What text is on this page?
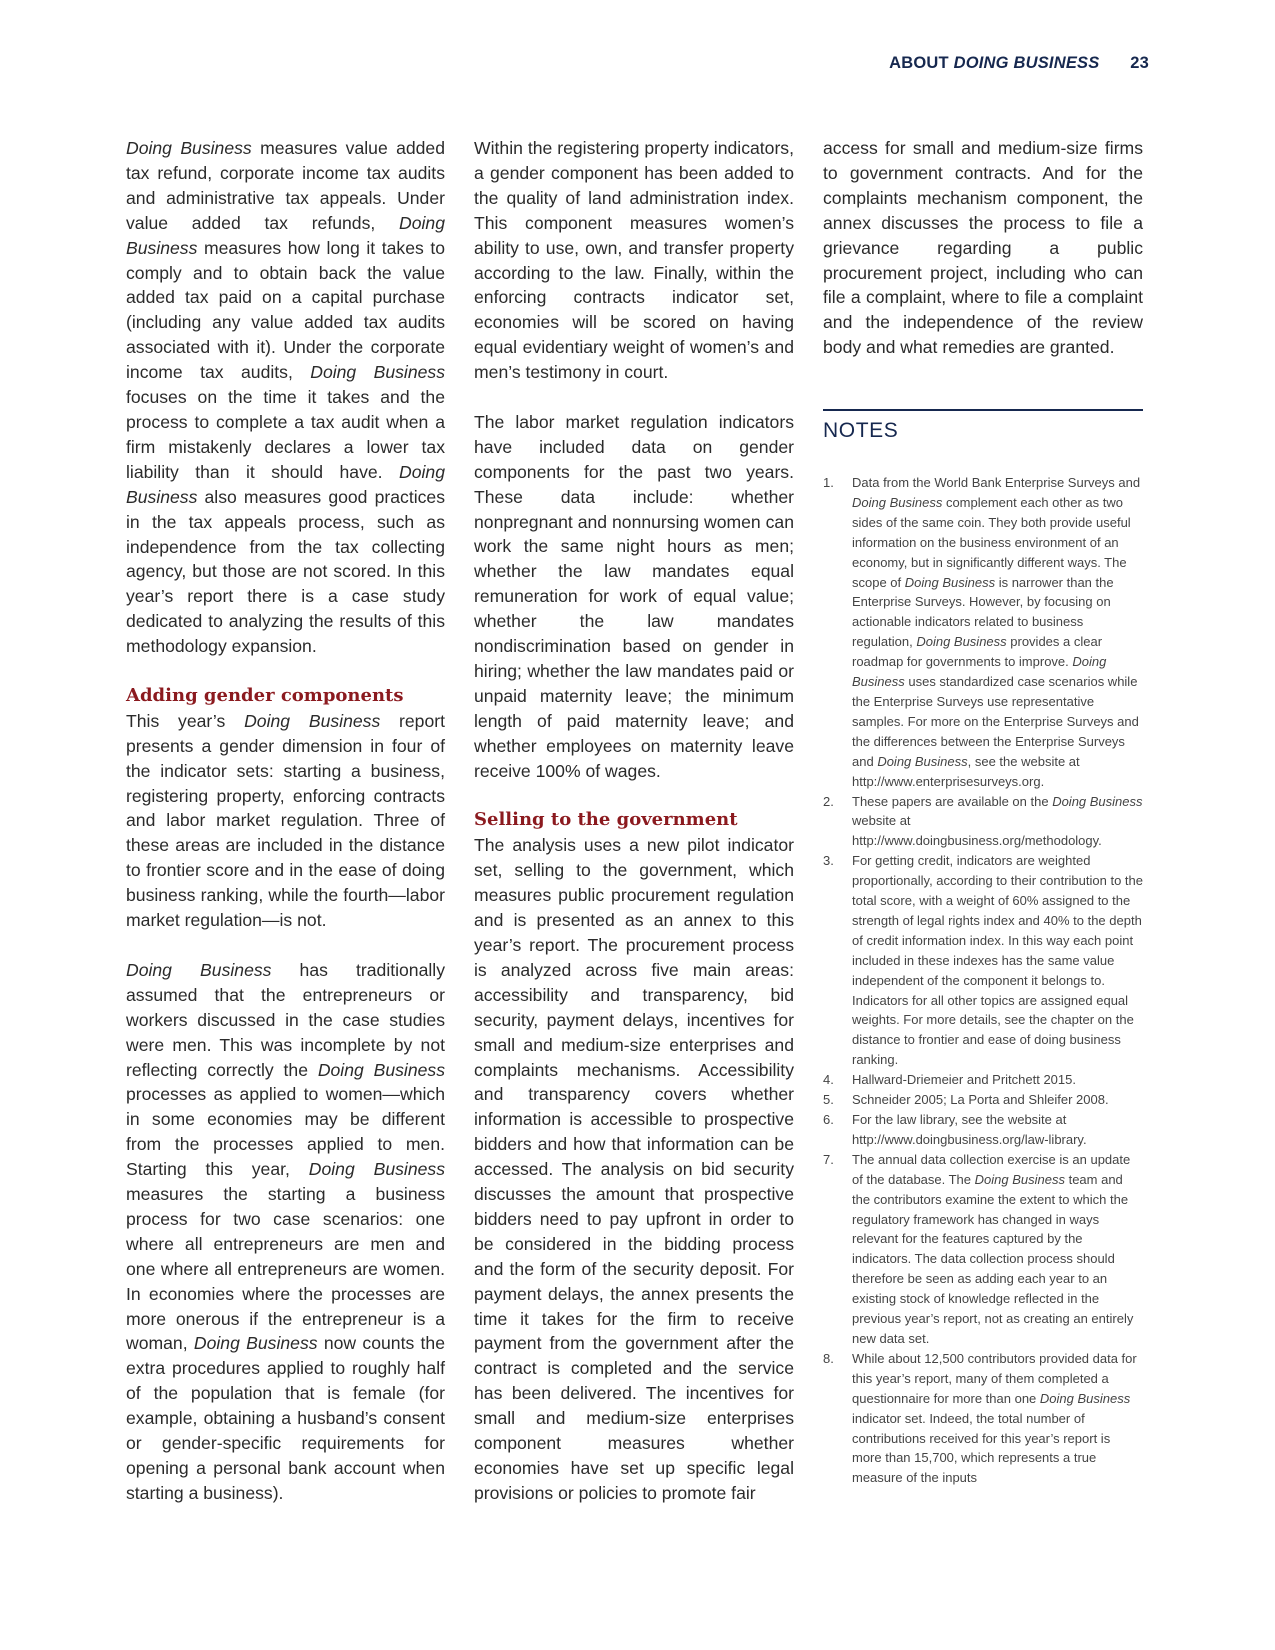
ABOUT DOING BUSINESS 23

Doing Business measures value added tax refund, corporate income tax audits and administrative tax appeals. Under value added tax refunds, Doing Business measures how long it takes to comply and to obtain back the value added tax paid on a capital purchase (including any value added tax audits associated with it). Under the corporate income tax audits, Doing Business focuses on the time it takes and the process to complete a tax audit when a firm mistakenly declares a lower tax liability than it should have. Doing Business also measures good practices in the tax appeals process, such as independence from the tax collecting agency, but those are not scored. In this year’s report there is a case study dedicated to analyzing the results of this methodology expansion.

Adding gender components

This year’s Doing Business report presents a gender dimension in four of the indicator sets: starting a business, registering property, enforcing contracts and labor market regulation. Three of these areas are included in the distance to frontier score and in the ease of doing business ranking, while the fourth—labor market regulation—is not.

Doing Business has traditionally assumed that the entrepreneurs or workers discussed in the case studies were men. This was incomplete by not reflecting correctly the Doing Business processes as applied to women—which in some economies may be different from the processes applied to men. Starting this year, Doing Business measures the starting a business process for two case scenarios: one where all entrepreneurs are men and one where all entrepreneurs are women. In economies where the processes are more onerous if the entrepreneur is a woman, Doing Business now counts the extra procedures applied to roughly half of the population that is female (for example, obtaining a husband’s consent or gender-specific requirements for opening a personal bank account when starting a business).

Within the registering property indicators, a gender component has been added to the quality of land administration index. This component measures women’s ability to use, own, and transfer property according to the law. Finally, within the enforcing contracts indicator set, economies will be scored on having equal evidentiary weight of women’s and men’s testimony in court.

The labor market regulation indicators have included data on gender components for the past two years. These data include: whether nonpregnant and nonnursing women can work the same night hours as men; whether the law mandates equal remuneration for work of equal value; whether the law mandates nondiscrimination based on gender in hiring; whether the law mandates paid or unpaid maternity leave; the minimum length of paid maternity leave; and whether employees on maternity leave receive 100% of wages.

Selling to the government

The analysis uses a new pilot indicator set, selling to the government, which measures public procurement regulation and is presented as an annex to this year’s report. The procurement process is analyzed across five main areas: accessibility and transparency, bid security, payment delays, incentives for small and medium-size enterprises and complaints mechanisms. Accessibility and transparency covers whether information is accessible to prospective bidders and how that information can be accessed. The analysis on bid security discusses the amount that prospective bidders need to pay upfront in order to be considered in the bidding process and the form of the security deposit. For payment delays, the annex presents the time it takes for the firm to receive payment from the government after the contract is completed and the service has been delivered. The incentives for small and medium-size enterprises component measures whether economies have set up specific legal provisions or policies to promote fair

access for small and medium-size firms to government contracts. And for the complaints mechanism component, the annex discusses the process to file a grievance regarding a public procurement project, including who can file a complaint, where to file a complaint and the independence of the review body and what remedies are granted.

NOTES
1.	Data from the World Bank Enterprise Surveys and Doing Business complement each other as two sides of the same coin. They both provide useful information on the business environment of an economy, but in significantly different ways. The scope of Doing Business is narrower than the Enterprise Surveys. However, by focusing on actionable indicators related to business regulation, Doing Business provides a clear roadmap for governments to improve. Doing Business uses standardized case scenarios while the Enterprise Surveys use representative samples. For more on the Enterprise Surveys and the differences between the Enterprise Surveys and Doing Business, see the website at http://www.enterprisesurveys.org.
2.	These papers are available on the Doing Business website at http://www.doingbusiness.org/methodology.
3.	For getting credit, indicators are weighted proportionally, according to their contribution to the total score, with a weight of 60% assigned to the strength of legal rights index and 40% to the depth of credit information index. In this way each point included in these indexes has the same value independent of the component it belongs to. Indicators for all other topics are assigned equal weights. For more details, see the chapter on the distance to frontier and ease of doing business ranking.
4.	Hallward-Driemeier and Pritchett 2015.
5.	Schneider 2005; La Porta and Shleifer 2008.
6.	For the law library, see the website at http://www.doingbusiness.org/law-library.
7.	The annual data collection exercise is an update of the database. The Doing Business team and the contributors examine the extent to which the regulatory framework has changed in ways relevant for the features captured by the indicators. The data collection process should therefore be seen as adding each year to an existing stock of knowledge reflected in the previous year’s report, not as creating an entirely new data set.
8.	While about 12,500 contributors provided data for this year’s report, many of them completed a questionnaire for more than one Doing Business indicator set. Indeed, the total number of contributions received for this year’s report is more than 15,700, which represents a true measure of the inputs
